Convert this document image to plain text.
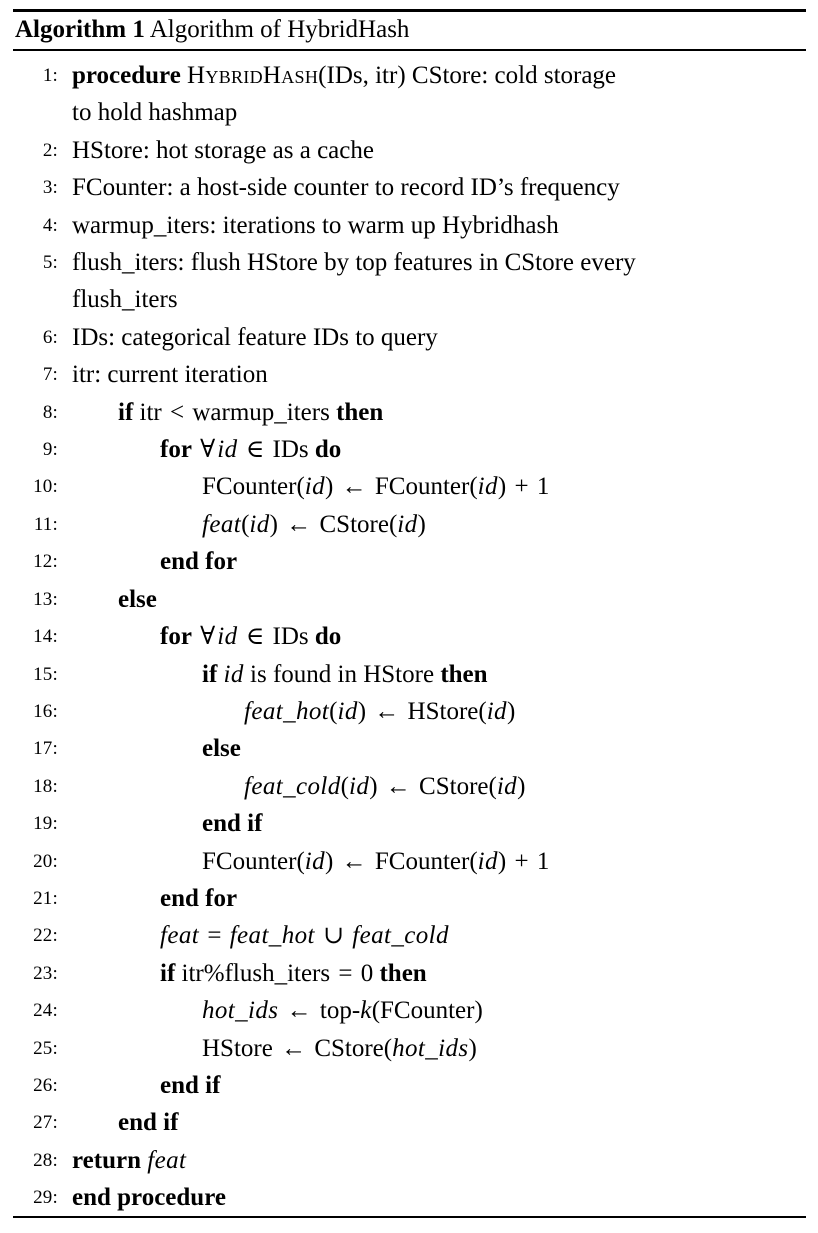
Algorithm 1 Algorithm of HybridHash
1: procedure HybridHash(IDs, itr) CStore: cold storage

to hold hashmap
2: HStore: hot storage as a cache
3: FCounter: a host-side counter to record ID’s frequency
4: warmup_iters: iterations to warm up Hybridhash
5: flush_iters: flush HStore by top features in CStore every
flush_iters
6: IDs: categorical feature IDs to query
7: itr: current iteration
8:	if itr < warmup_iters then
9:	for ∀id ∈ IDs do
10:	FCounter(id) ← FCounter(id) + 1
11:	feat(id) ← CStore(id)
12:	end for
13:	else
14:	for ∀id ∈ IDs do
15:	if id is found in HStore then
16:	feat_hot(id) ← HStore(id)
17:	else
18:	feat_cold(id) ← CStore(id)
19:	end if
20:	FCounter(id) ← FCounter(id) + 1
21:	end for
22:	feat = feat_hot ∪ feat_cold
23:	if itr%flush_iters = 0 then
24:	hot_ids ← top-k(FCounter)
25:	HStore ← CStore(hot_ids)
26:	end if
27:	end if
28: return feat
29: end procedure
